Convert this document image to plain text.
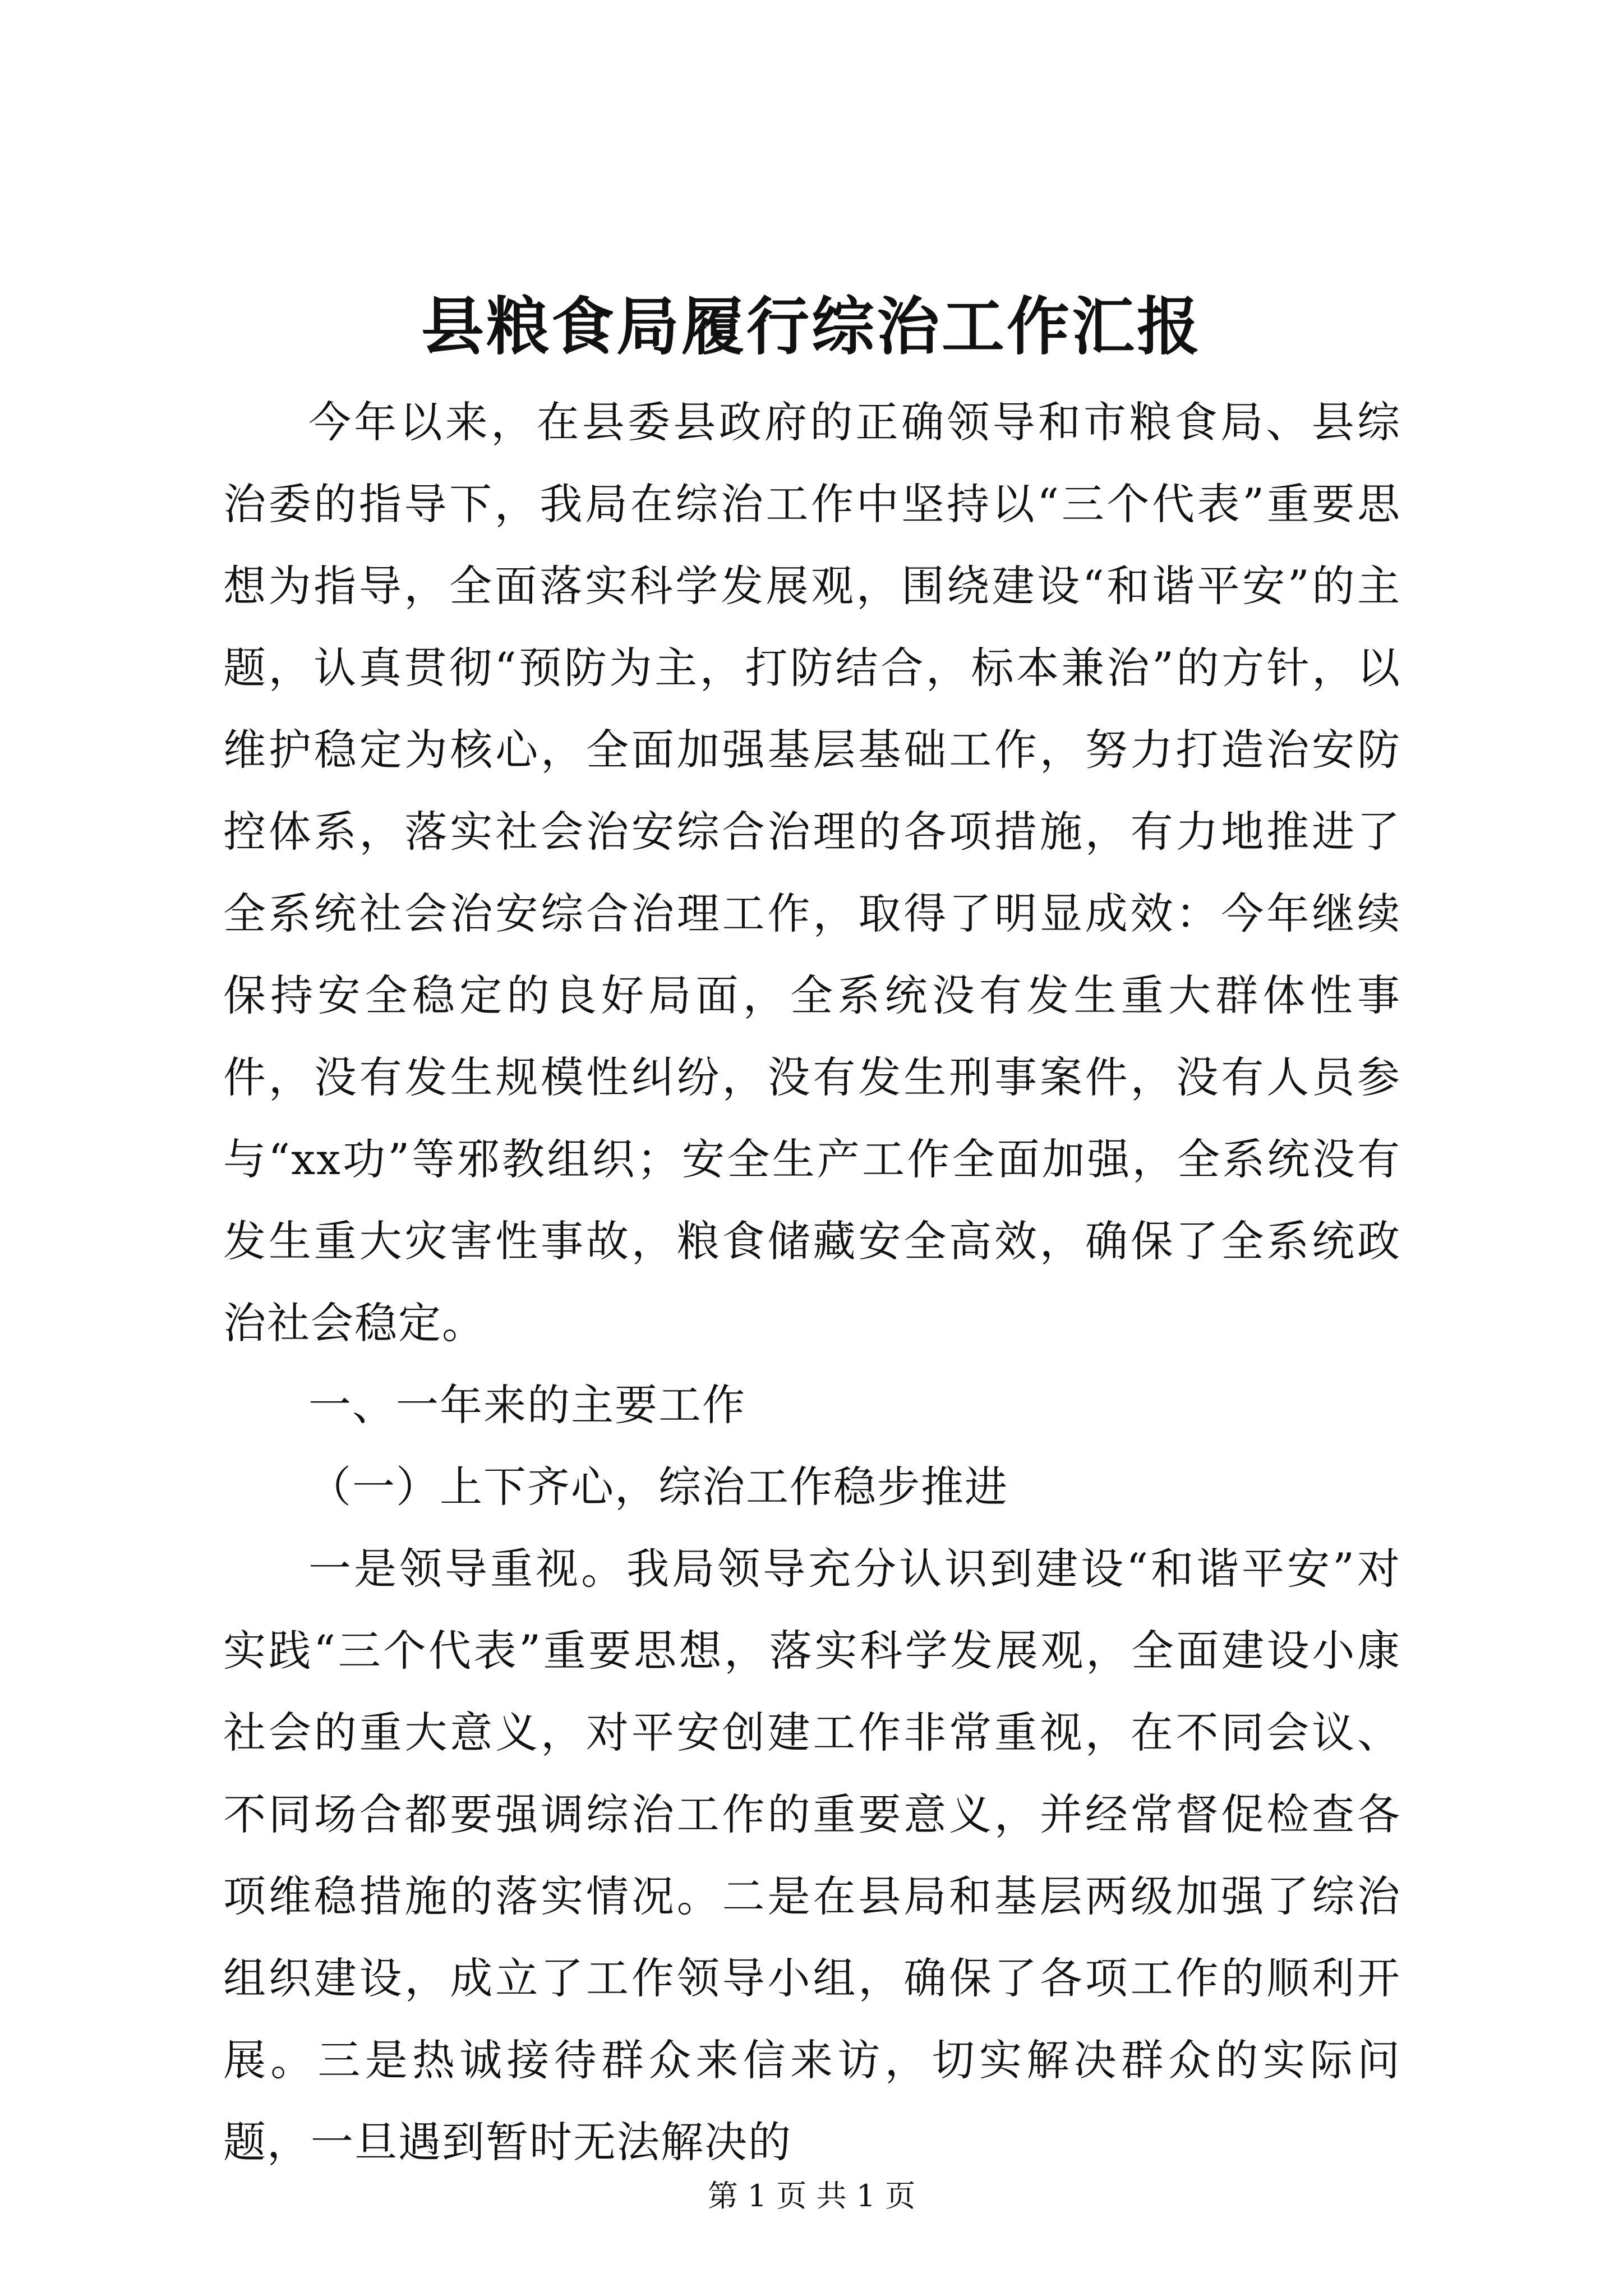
县粮食局履行综治工作汇报

今年以来，在县委县政府的正确领导和市粮食局、县综治委的指导下，我局在综治工作中坚持以“三个代表”重要思想为指导，全面落实科学发展观，围绕建设“和谐平安”的主题，认真贯彻“预防为主，打防结合，标本兼治”的方针，以维护稳定为核心，全面加强基层基础工作，努力打造治安防控体系，落实社会治安综合治理的各项措施，有力地推进了全系统社会治安综合治理工作，取得了明显成效：今年继续保持安全稳定的良好局面，全系统没有发生重大群体性事件，没有发生规模性纠纷，没有发生刑事案件，没有人员参与“xx功”等邪教组织；安全生产工作全面加强，全系统没有发生重大灾害性事故，粮食储藏安全高效，确保了全系统政治社会稳定。

一、一年来的主要工作

（一）上下齐心，综治工作稳步推进

一是领导重视。我局领导充分认识到建设“和谐平安”对实践“三个代表”重要思想，落实科学发展观，全面建设小康社会的重大意义，对平安创建工作非常重视，在不同会议、不同场合都要强调综治工作的重要意义，并经常督促检查各项维稳措施的落实情况。二是在县局和基层两级加强了综治组织建设，成立了工作领导小组，确保了各项工作的顺利开展。三是热诚接待群众来信来访，切实解决群众的实际问题，一旦遇到暂时无法解决的

第 1 页 共 1 页
